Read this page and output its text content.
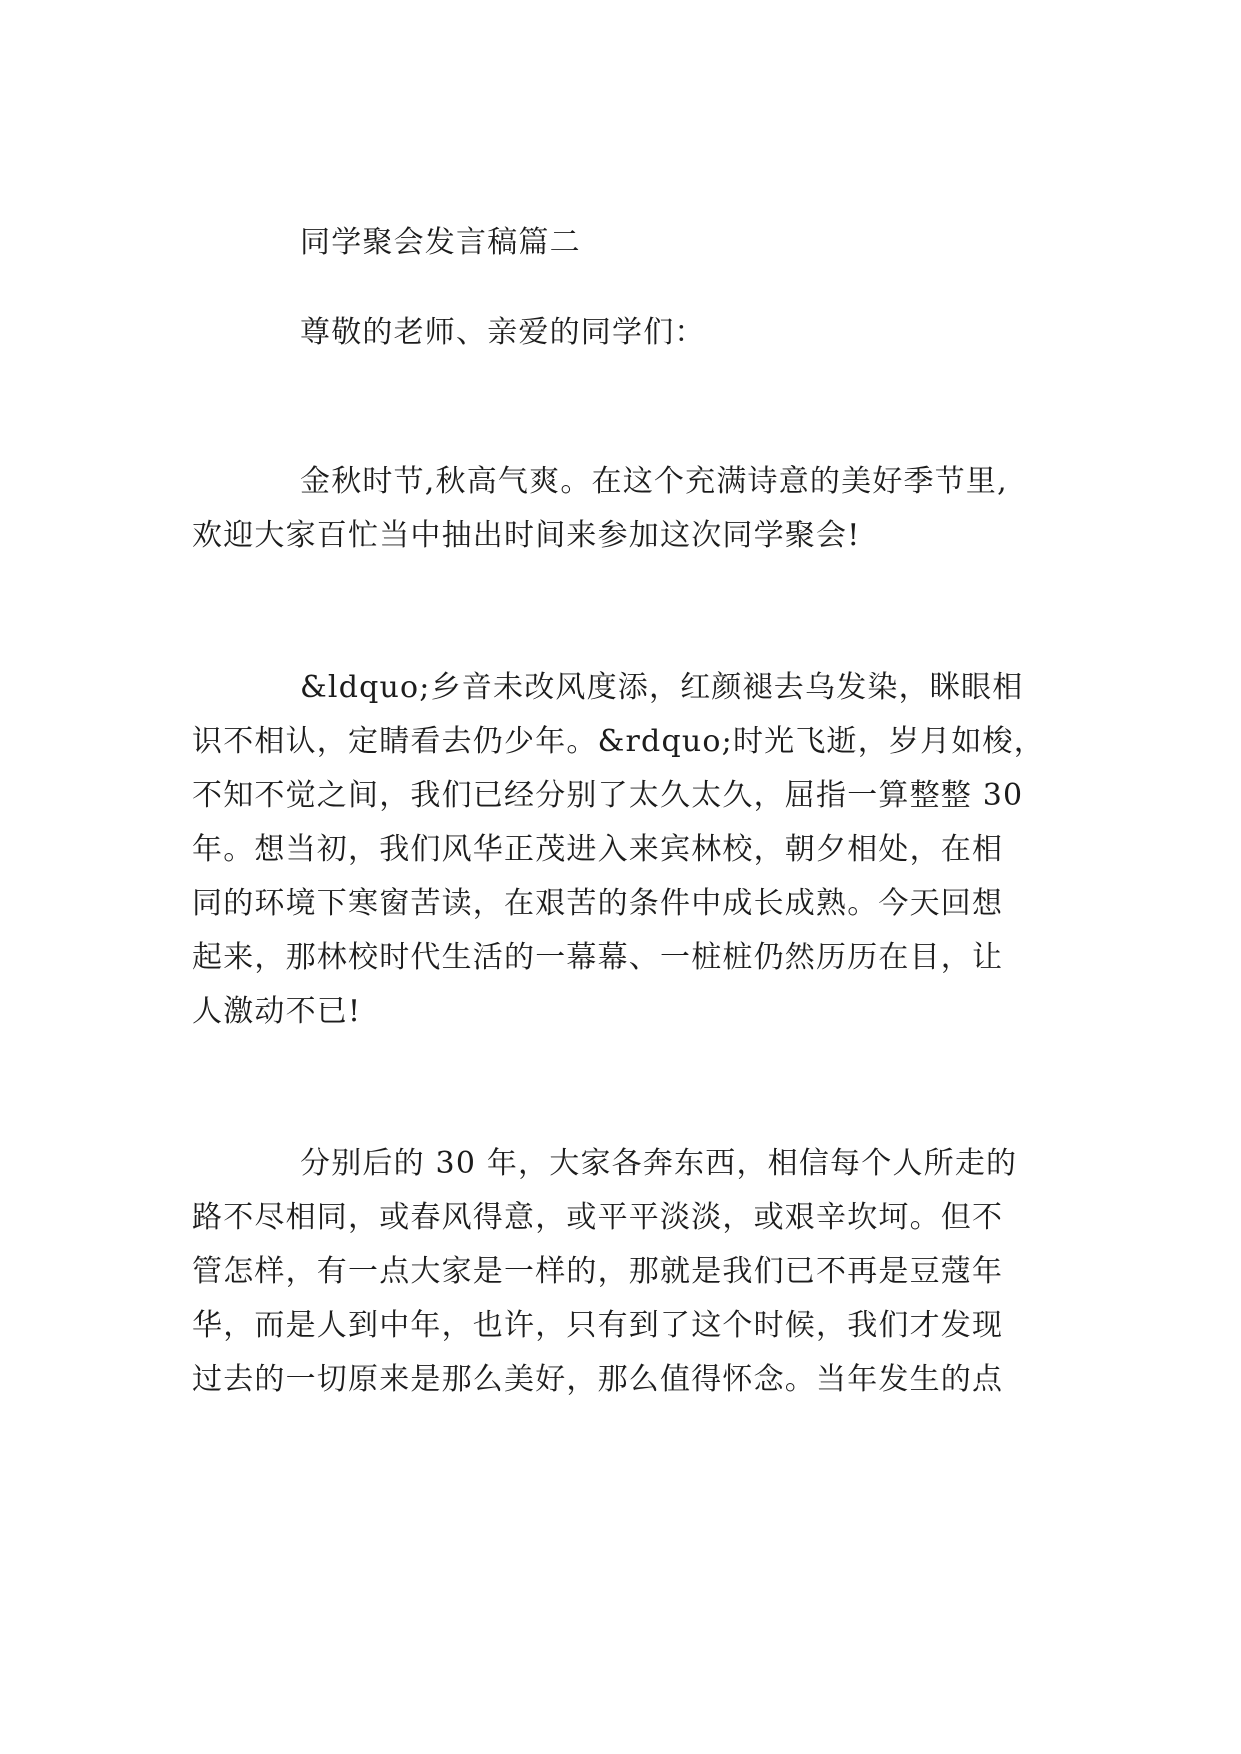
同学聚会发言稿篇二
尊敬的老师、亲爱的同学们：
金秋时节,秋高气爽。在这个充满诗意的美好季节里,
欢迎大家百忙当中抽出时间来参加这次同学聚会!
&ldquo;乡音未改风度添，红颜褪去乌发染，眯眼相
识不相认，定睛看去仍少年。&rdquo;时光飞逝，岁月如梭，
不知不觉之间，我们已经分别了太久太久，屈指一算整整 30
年。想当初，我们风华正茂进入来宾林校，朝夕相处，在相
同的环境下寒窗苦读，在艰苦的条件中成长成熟。今天回想
起来，那林校时代生活的一幕幕、一桩桩仍然历历在目，让
人激动不已!
分别后的 30 年，大家各奔东西，相信每个人所走的
路不尽相同，或春风得意，或平平淡淡，或艰辛坎坷。但不
管怎样，有一点大家是一样的，那就是我们已不再是豆蔻年
华，而是人到中年，也许，只有到了这个时候，我们才发现
过去的一切原来是那么美好，那么值得怀念。当年发生的点
